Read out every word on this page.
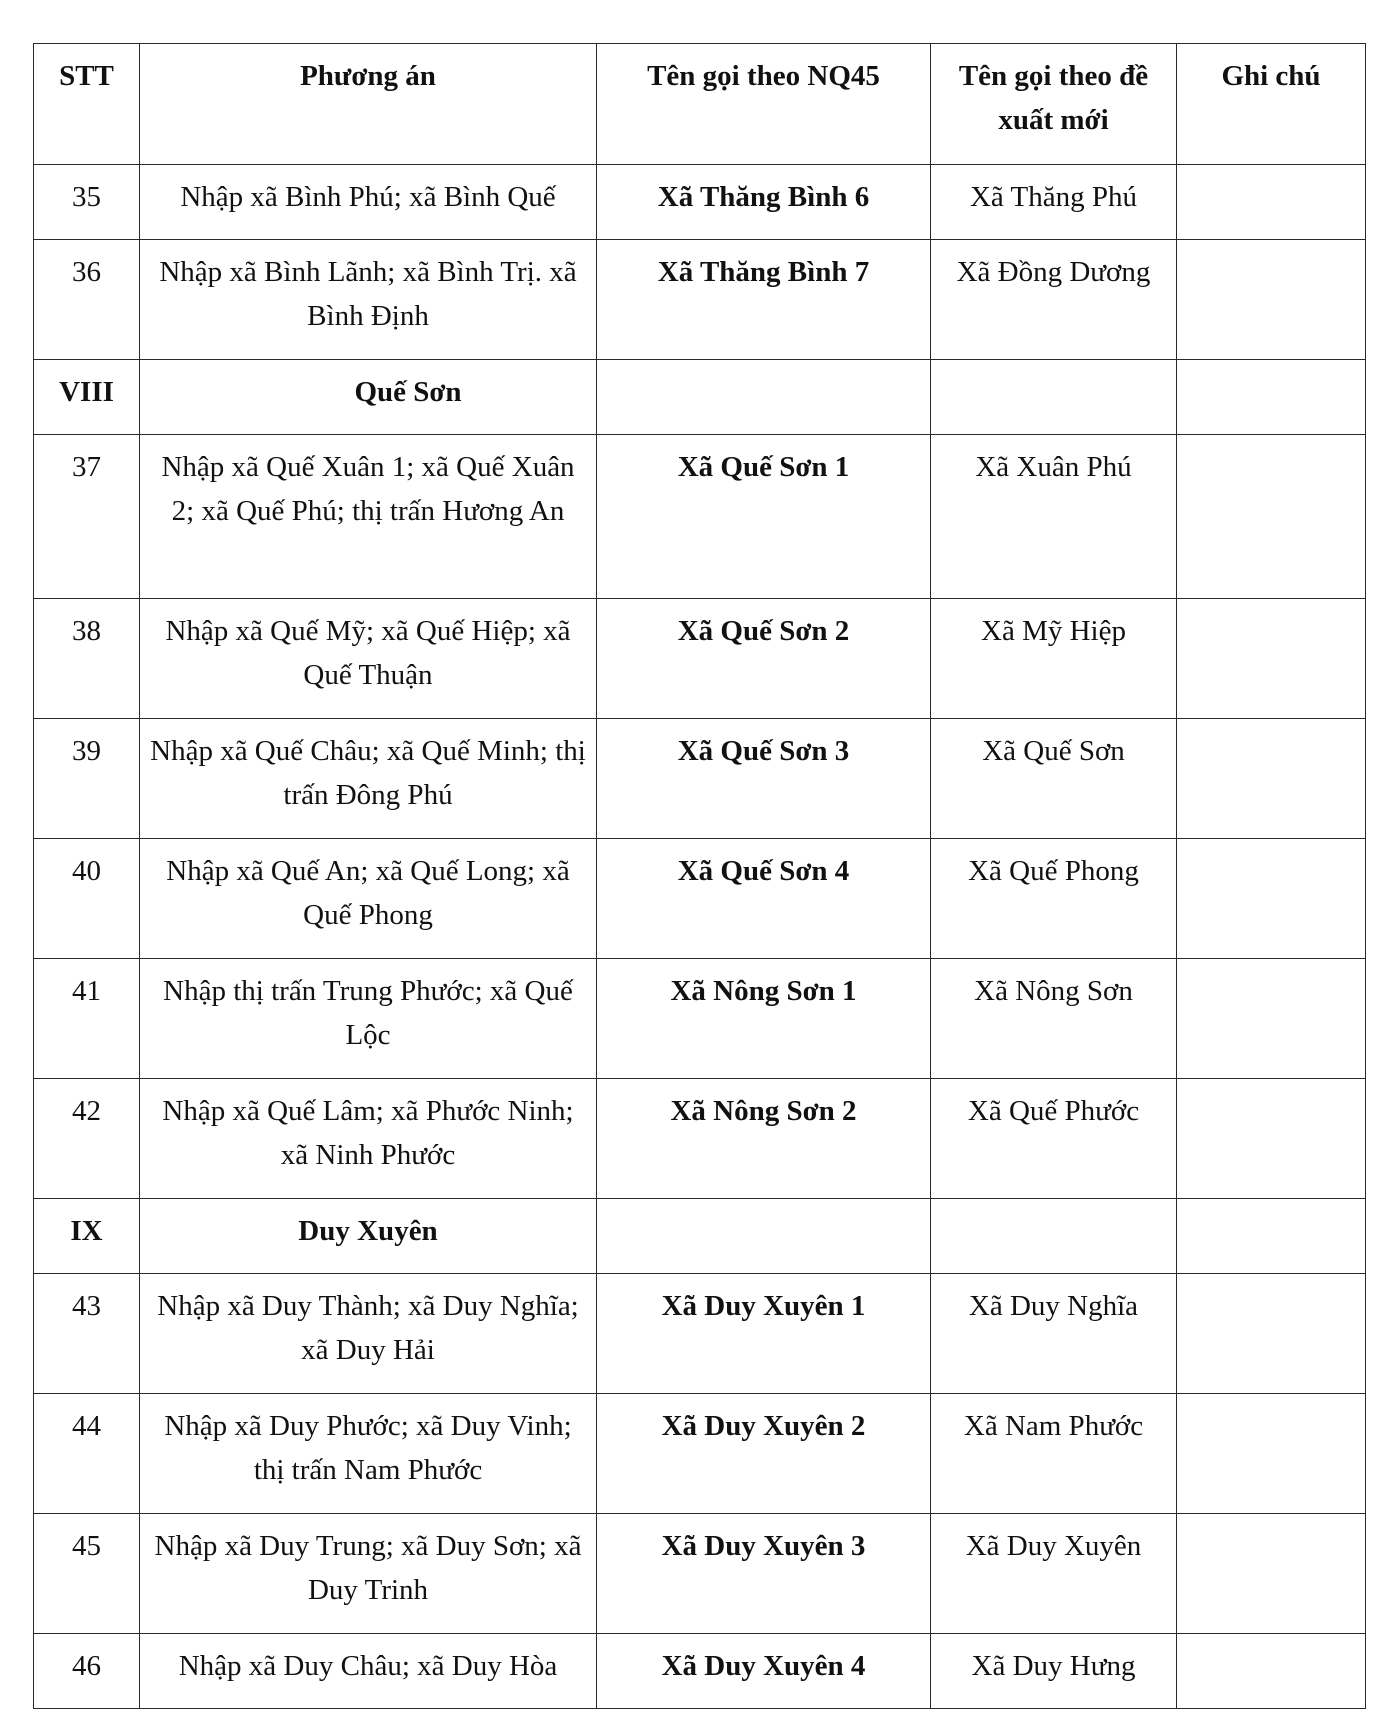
STT	Phương án	Tên gọi theo NQ45	Tên gọi theo đề xuất mới	Ghi chú
35	Nhập xã Bình Phú; xã Bình Quế	Xã Thăng Bình 6	Xã Thăng Phú	
36	Nhập xã Bình Lãnh; xã Bình Trị. xã Bình Định	Xã Thăng Bình 7	Xã Đồng Dương	
VIII	Quế Sơn			
37	Nhập xã Quế Xuân 1; xã Quế Xuân 2; xã Quế Phú; thị trấn Hương An	Xã Quế Sơn 1	Xã Xuân Phú	
38	Nhập xã Quế Mỹ; xã Quế Hiệp; xã Quế Thuận	Xã Quế Sơn 2	Xã Mỹ Hiệp	
39	Nhập xã Quế Châu; xã Quế Minh; thị trấn Đông Phú	Xã Quế Sơn 3	Xã Quế Sơn	
40	Nhập xã Quế An; xã Quế Long; xã Quế Phong	Xã Quế Sơn 4	Xã Quế Phong	
41	Nhập thị trấn Trung Phước; xã Quế Lộc	Xã Nông Sơn 1	Xã Nông Sơn	
42	Nhập xã Quế Lâm; xã Phước Ninh; xã Ninh Phước	Xã Nông Sơn 2	Xã Quế Phước	
IX	Duy Xuyên			
43	Nhập xã Duy Thành; xã Duy Nghĩa; xã Duy Hải	Xã Duy Xuyên 1	Xã Duy Nghĩa	
44	Nhập xã Duy Phước; xã Duy Vinh; thị trấn Nam Phước	Xã Duy Xuyên 2	Xã Nam Phước	
45	Nhập xã Duy Trung; xã Duy Sơn; xã Duy Trinh	Xã Duy Xuyên 3	Xã Duy Xuyên	
46	Nhập xã Duy Châu; xã Duy Hòa	Xã Duy Xuyên 4	Xã Duy Hưng	
